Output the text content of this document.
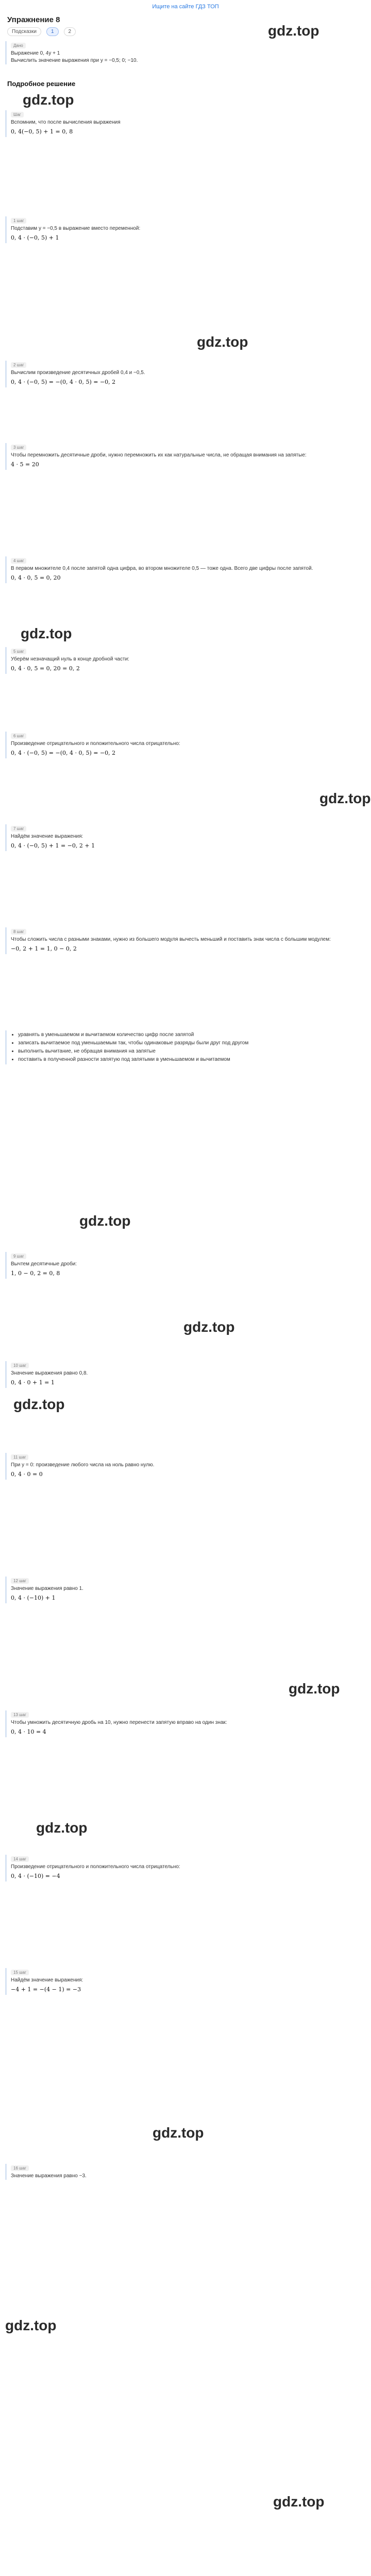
Ищите на сайте ГДЗ ТОП
Упражнение 8
Подсказки	1	2	gdz.top
Дано
Выражение 0, 4y + 1
Вычислить значение выражения при y = −0,5; 0; −10.
Подробное решение
gdz.top
Шаг
Вспомним, что после вычисления выражения
0, 4(−0, 5) + 1 = 0, 8
1 шаг
Подставим y = −0,5 в выражение вместо переменной:
0, 4 · (−0, 5) + 1
gdz.top
2 шаг
Вычислим произведение десятичных дробей 0,4 и −0,5.
0, 4 · (−0, 5) = −(0, 4 · 0, 5) = −0, 2
3 шаг
Чтобы перемножить десятичные дроби, нужно перемножить их как натуральные числа, не обращая внимания на запятые:
4 · 5 = 20
4 шаг
В первом множителе 0,4 после запятой одна цифра, во втором множителе 0,5 — тоже одна. Всего две цифры после запятой.
0, 4 · 0, 5 = 0, 20
gdz.top
5 шаг
Уберём незначащий нуль в конце дробной части:
0, 4 · 0, 5 = 0, 20 = 0, 2
6 шаг
Произведение отрицательного и положительного числа отрицательно:
0, 4 · (−0, 5) = −(0, 4 · 0, 5) = −0, 2
gdz.top
7 шаг
Найдём значение выражения:
0, 4 · (−0, 5) + 1 = −0, 2 + 1
8 шаг
Чтобы сложить числа с разными знаками, нужно из большего модуля вычесть меньший и поставить знак числа с большим модулем:
−0, 2 + 1 = 1, 0 − 0, 2
• уравнять в уменьшаемом и вычитаемом количество цифр после запятой
• записать вычитаемое под уменьшаемым так, чтобы одинаковые разряды были друг под другом
• выполнить вычитание, не обращая внимания на запятые
• поставить в полученной разности запятую под запятыми в уменьшаемом и вычитаемом
gdz.top
9 шаг
Вычтем десятичные дроби:
1, 0 − 0, 2 = 0, 8
gdz.top
10 шаг
Значение выражения равно 0,8.
0, 4 · 0 + 1 = 1
gdz.top
11 шаг
При y = 0: произведение любого числа на ноль равно нулю.
0, 4 · 0 = 0
12 шаг
Значение выражения равно 1.
0, 4 · (−10) + 1
gdz.top
13 шаг
Чтобы умножить десятичную дробь на 10, нужно перенести запятую вправо на один знак:
0, 4 · 10 = 4
gdz.top
14 шаг
Произведение отрицательного и положительного числа отрицательно:
0, 4 · (−10) = −4
15 шаг
Найдём значение выражения:
−4 + 1 = −(4 − 1) = −3
gdz.top
16 шаг
Значение выражения равно −3.
gdz.top
gdz.top
